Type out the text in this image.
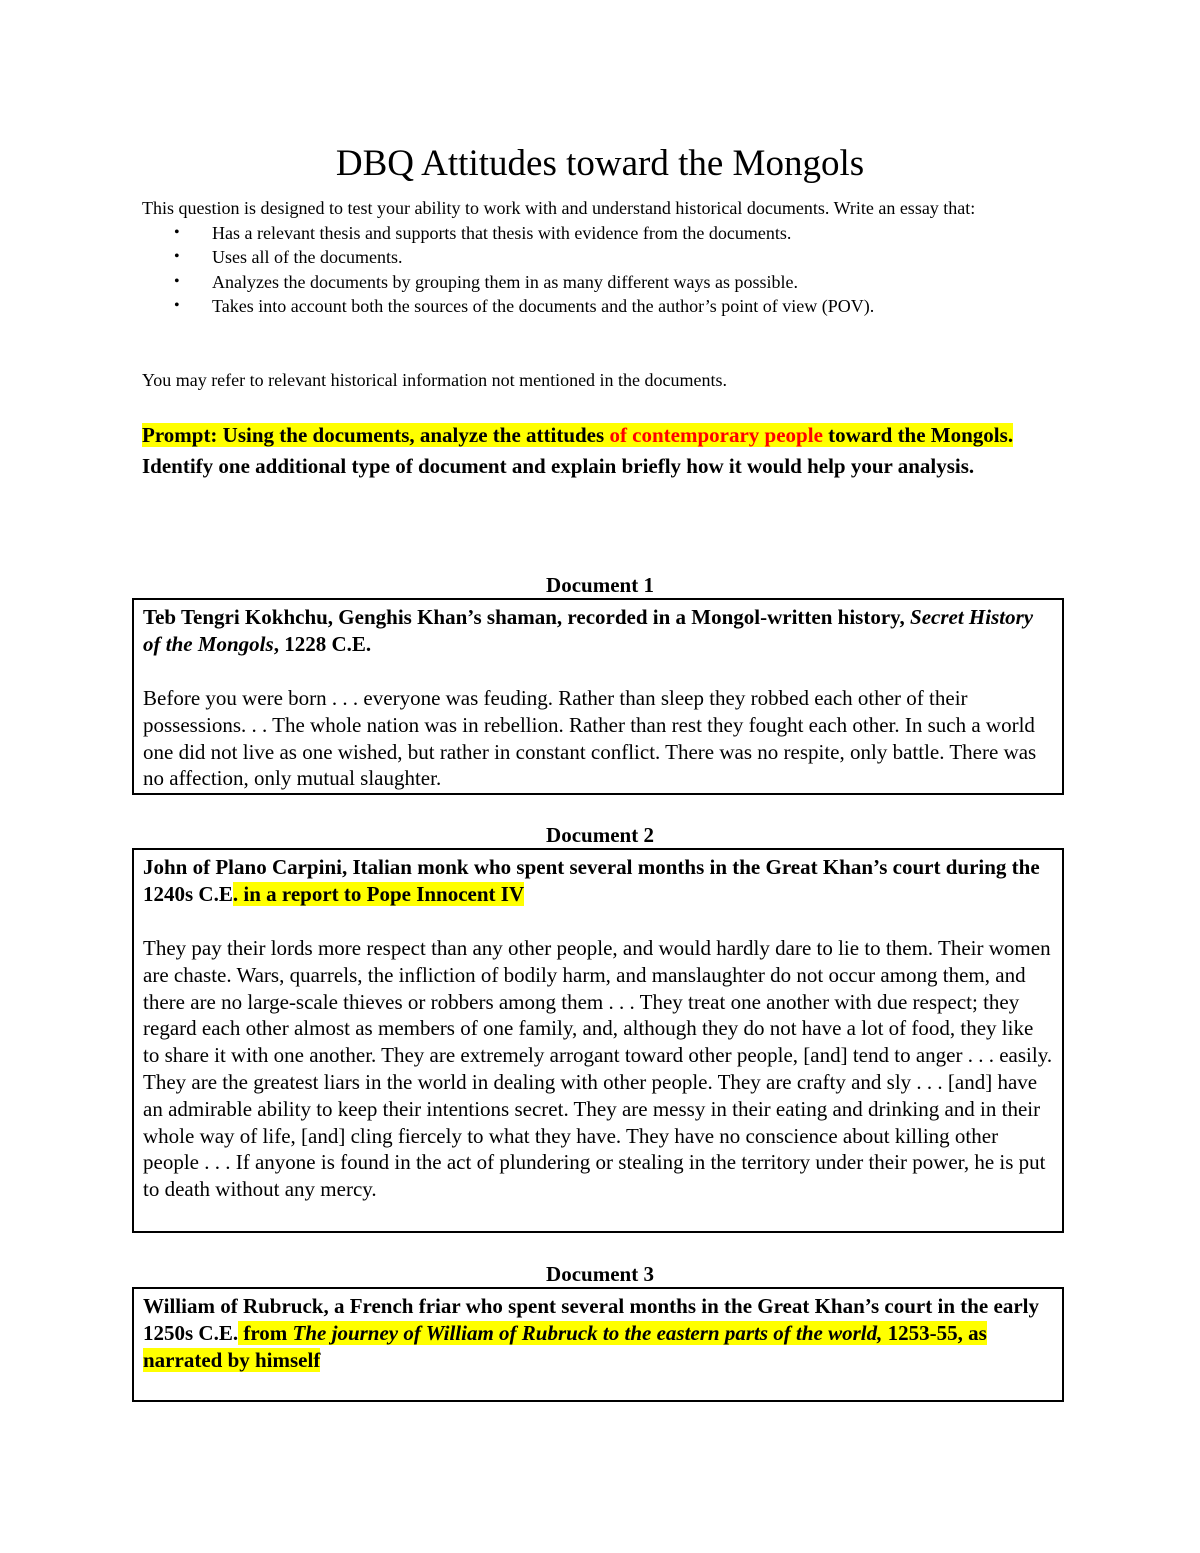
DBQ Attitudes toward the Mongols

This question is designed to test your ability to work with and understand historical documents. Write an essay that:

• Has a relevant thesis and supports that thesis with evidence from the documents.
• Uses all of the documents.
• Analyzes the documents by grouping them in as many different ways as possible.
• Takes into account both the sources of the documents and the author’s point of view (POV).
You may refer to relevant historical information not mentioned in the documents.

Prompt: Using the documents, analyze the attitudes of contemporary people toward the Mongols.

Identify one additional type of document and explain briefly how it would help your analysis.

Document 1

Teb Tengri Kokhchu, Genghis Khan’s shaman, recorded in a Mongol-written history, Secret History of the Mongols, 1228 C.E.

Before you were born . . . everyone was feuding. Rather than sleep they robbed each other of their possessions. . . The whole nation was in rebellion. Rather than rest they fought each other. In such a world one did not live as one wished, but rather in constant conflict. There was no respite, only battle. There was no affection, only mutual slaughter.

Document 2

John of Plano Carpini, Italian monk who spent several months in the Great Khan’s court during the 1240s C.E. in a report to Pope Innocent IV

They pay their lords more respect than any other people, and would hardly dare to lie to them. Their women are chaste. Wars, quarrels, the infliction of bodily harm, and manslaughter do not occur among them, and there are no large-scale thieves or robbers among them . . . They treat one another with due respect; they regard each other almost as members of one family, and, although they do not have a lot of food, they like to share it with one another. They are extremely arrogant toward other people, [and] tend to anger . . . easily. They are the greatest liars in the world in dealing with other people. They are crafty and sly . . . [and] have an admirable ability to keep their intentions secret. They are messy in their eating and drinking and in their whole way of life, [and] cling fiercely to what they have. They have no conscience about killing other people . . . If anyone is found in the act of plundering or stealing in the territory under their power, he is put to death without any mercy.

Document 3

William of Rubruck, a French friar who spent several months in the Great Khan’s court in the early 1250s C.E. from The journey of William of Rubruck to the eastern parts of the world, 1253-55, as narrated by himself
